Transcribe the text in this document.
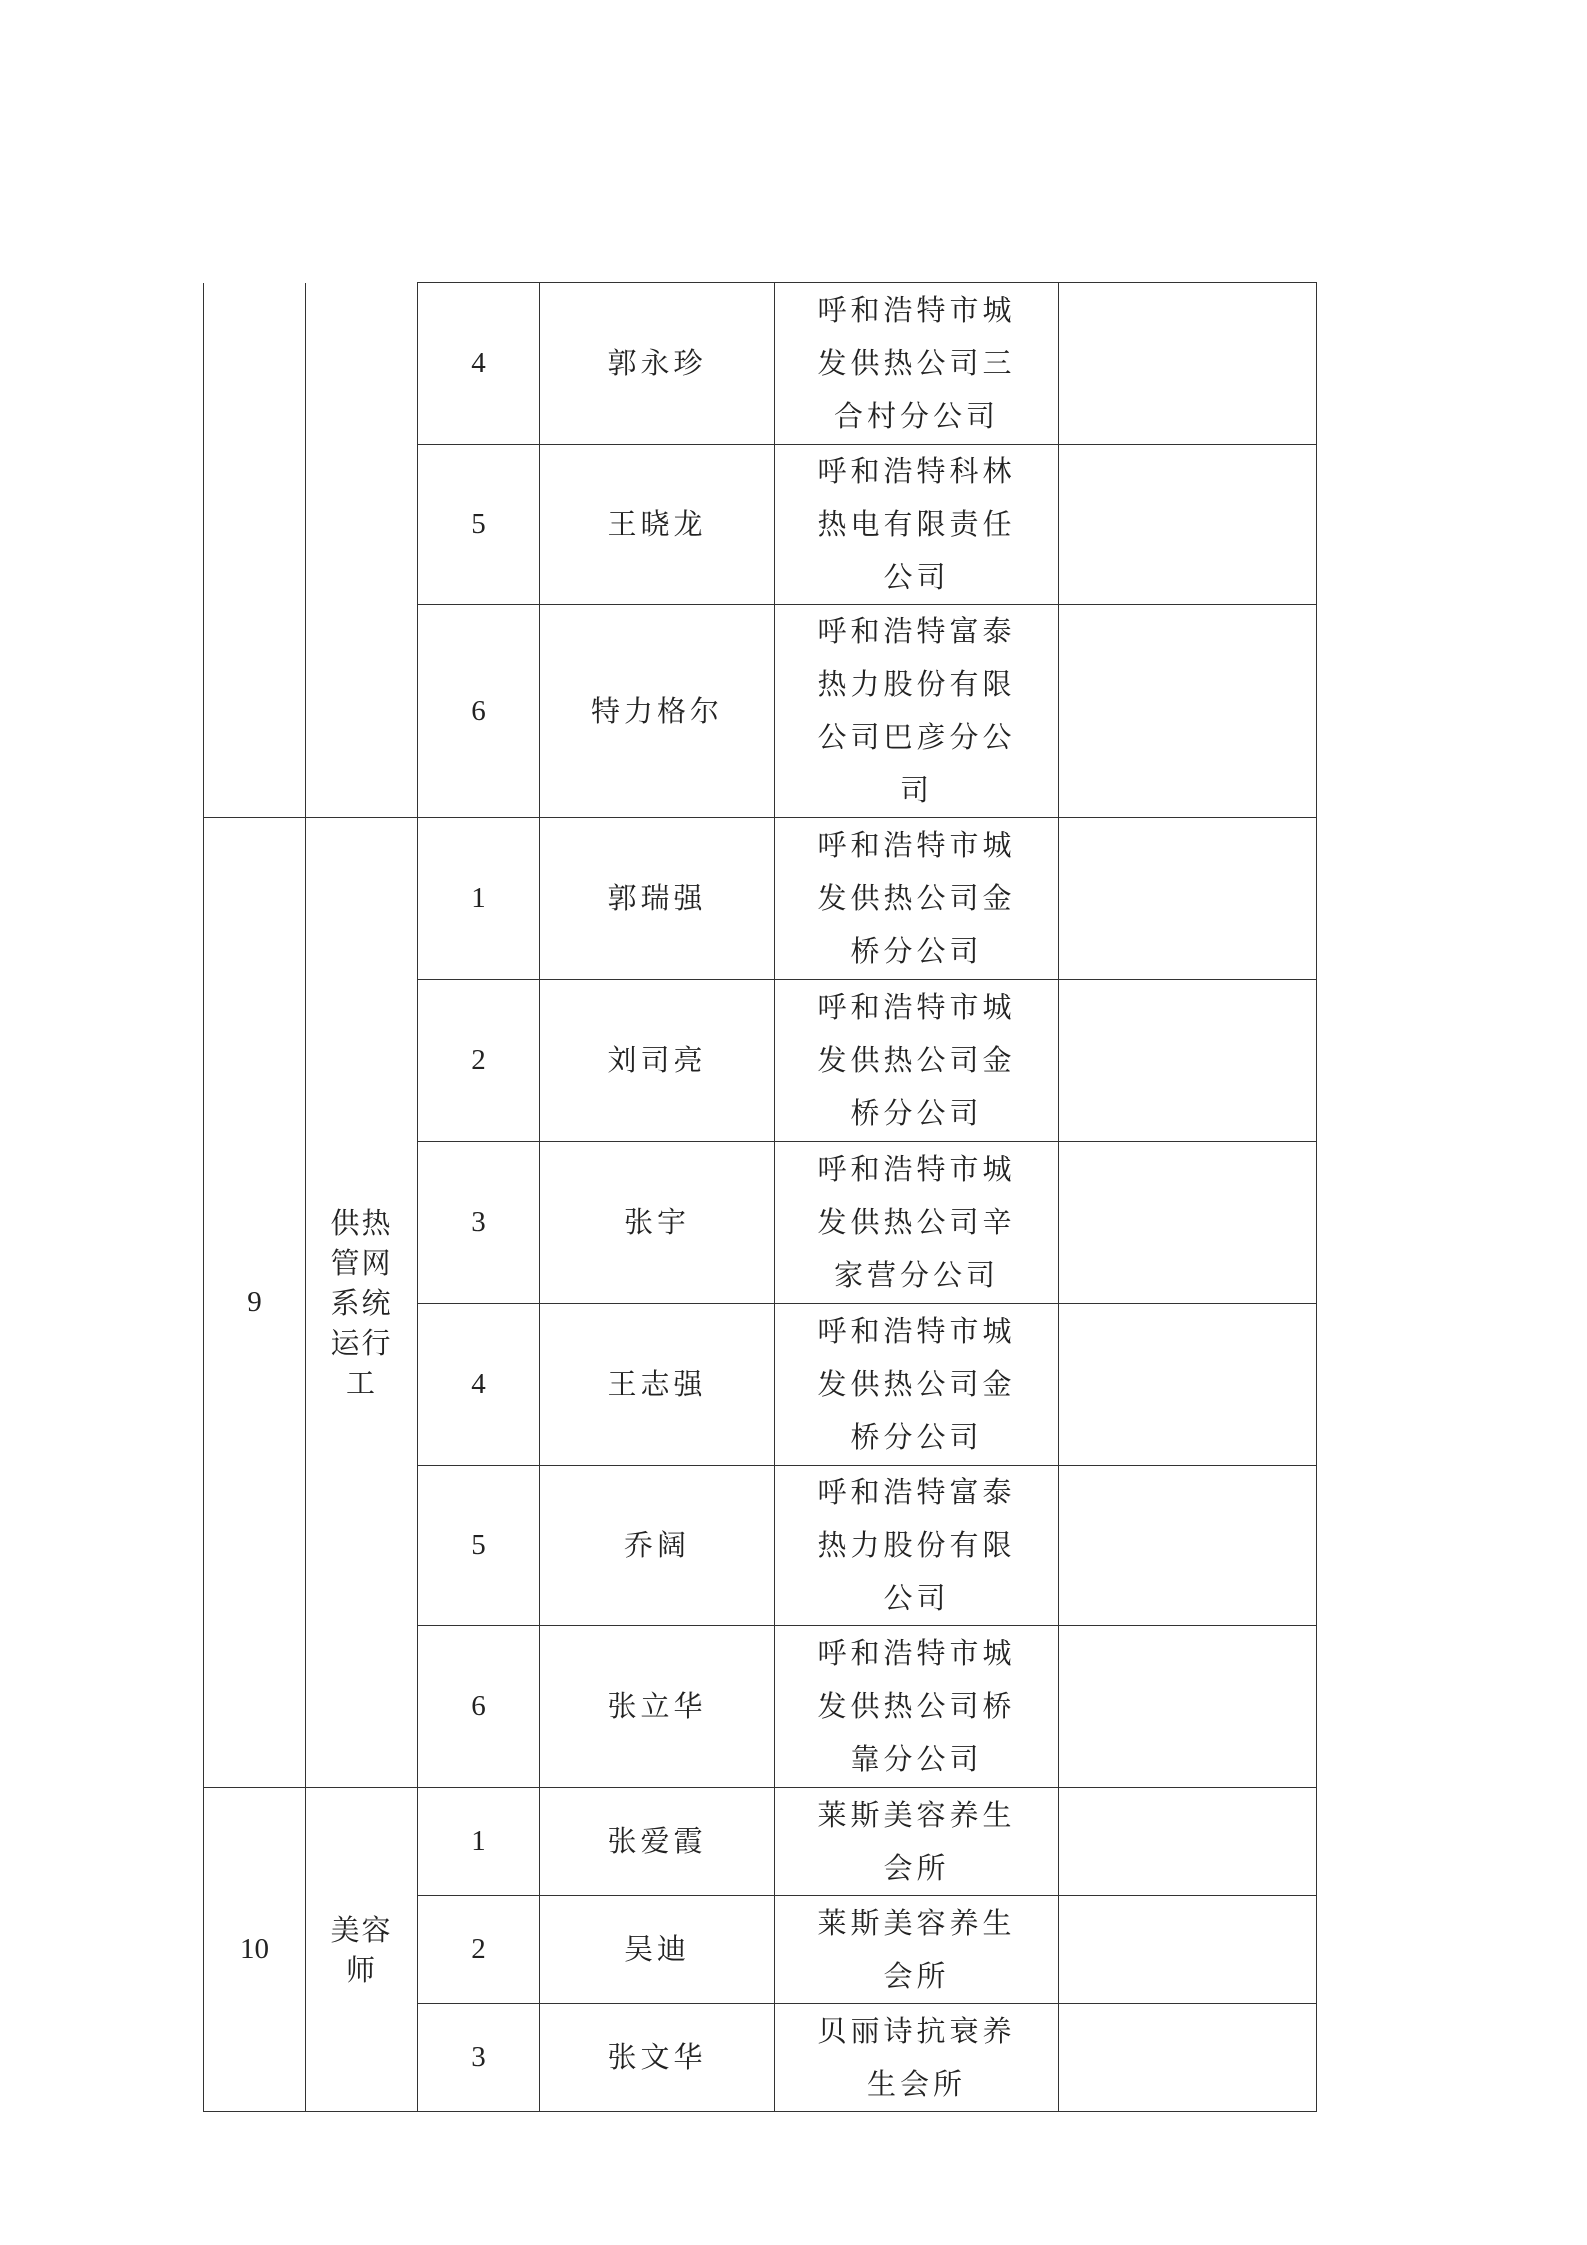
		4	郭永珍	呼和浩特市城发供热公司三合村分公司	
		5	王晓龙	呼和浩特科林热电有限责任公司	
		6	特力格尔	呼和浩特富泰热力股份有限公司巴彦分公司	
9	供热管网系统运行工	1	郭瑞强	呼和浩特市城发供热公司金桥分公司	
		2	刘司亮	呼和浩特市城发供热公司金桥分公司	
		3	张宇	呼和浩特市城发供热公司辛家营分公司	
		4	王志强	呼和浩特市城发供热公司金桥分公司	
		5	乔阔	呼和浩特富泰热力股份有限公司	
		6	张立华	呼和浩特市城发供热公司桥靠分公司	
10	美容师	1	张爱霞	莱斯美容养生会所	
		2	吴迪	莱斯美容养生会所	
		3	张文华	贝丽诗抗衰养生会所	
